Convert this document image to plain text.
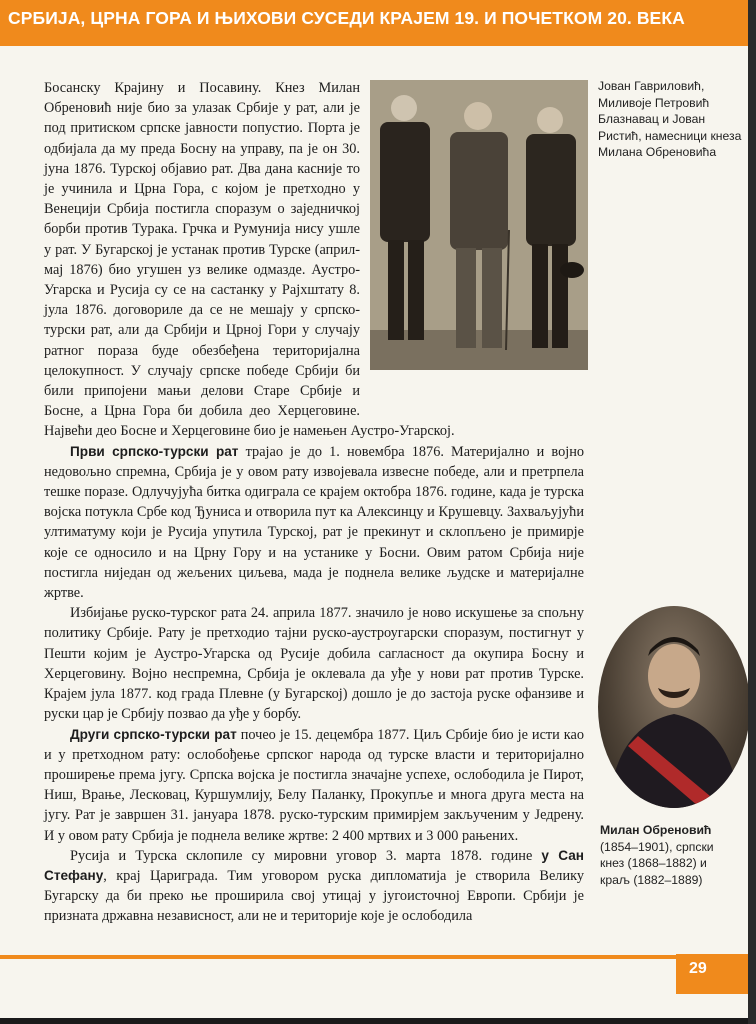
СРБИЈА, ЦРНА ГОРА И ЊИХОВИ СУСЕДИ КРАЈЕМ 19. И ПОЧЕТКОМ 20. ВЕКА

Босанску Крајину и Посавину. Кнез Милан Обреновић није био за улазак Србије у рат, али је под притиском српске јавности попустио. Порта је одбијала да му преда Босну на управу, па је он 30. јуна 1876. Турској објавио рат. Два дана касније то је учинила и Црна Гора, с којом је претходно у Венецији Србија постигла споразум о заједничкој борби против Турака. Грчка и Румунија нису ушле у рат. У Бугарској је устанак против Турске (април-мај 1876) био угушен уз велике одмазде. Аустро-Угарска и Русија су се на састанку у Рајхштату 8. јула 1876. договориле да се не мешају у српско-турски рат, али да Србији и Црној Гори у случају ратног пораза буде обезбеђена територијална целокупност. У случају српске победе Србији би били припојени мањи делови Старе Србије и Босне, а Црна Гора би добила део Херцеговине. Највећи део Босне и Херцеговине био је намењен Аустро-Угарској.

Први српско-турски рат трајао је до 1. новембра 1876. Материјално и војно недовољно спремна, Србија је у овом рату извојевала извесне победе, али и претрпела тешке поразе. Одлучујућа битка одиграла се крајем октобра 1876. године, када је турска војска потукла Србе код Ђуниса и отворила пут ка Алексинцу и Крушевцу. Захваљујући ултиматуму који је Русија упутила Турској, рат је прекинут и склопљено је примирје које се односило и на Црну Гору и на устанике у Босни. Овим ратом Србија није постигла ниједан од жељених циљева, мада је поднела велике људске и материјалне жртве.

Избијање руско-турског рата 24. априла 1877. значило је ново искушење за спољну политику Србије. Рату је претходио тајни руско-аустроугарски споразум, постигнут у Пешти којим је Аустро-Угарска од Русије добила сагласност да окупира Босну и Херцеговину. Војно неспремна, Србија је оклевала да уђе у нови рат против Турске. Крајем јула 1877. код града Плевне (у Бугарској) дошло је до застоја руске офанзиве и руски цар је Србију позвао да уђе у борбу.

Други српско-турски рат почео је 15. децембра 1877. Циљ Србије био је исти као и у претходном рату: ослобођење српског народа од турске власти и територијално проширење према југу. Српска војска је постигла значајне успехе, ослободила је Пирот, Ниш, Врање, Лесковац, Куршумлију, Белу Паланку, Прокупље и многа друга места на југу. Рат је завршен 31. јануара 1878. руско-турским примирјем закљученим у Једрену. И у овом рату Србија је поднела велике жртве: 2 400 мртвих и 3 000 рањених.

Русија и Турска склопиле су мировни уговор 3. марта 1878. године у Сан Стефану, крај Цариграда. Тим уговором руска дипломатија је створила Велику Бугарску да би преко ње проширила свој утицај у југоисточној Европи. Србији је призната државна независност, али не и територије које је ослободила

Јован Гавриловић, Миливоје Петровић Блазнавац и Јован Ристић, намесници кнеза Милана Обреновића
Милан Обреновић
(1854–1901), српски кнез (1868–1882) и краљ (1882–1889)
29
